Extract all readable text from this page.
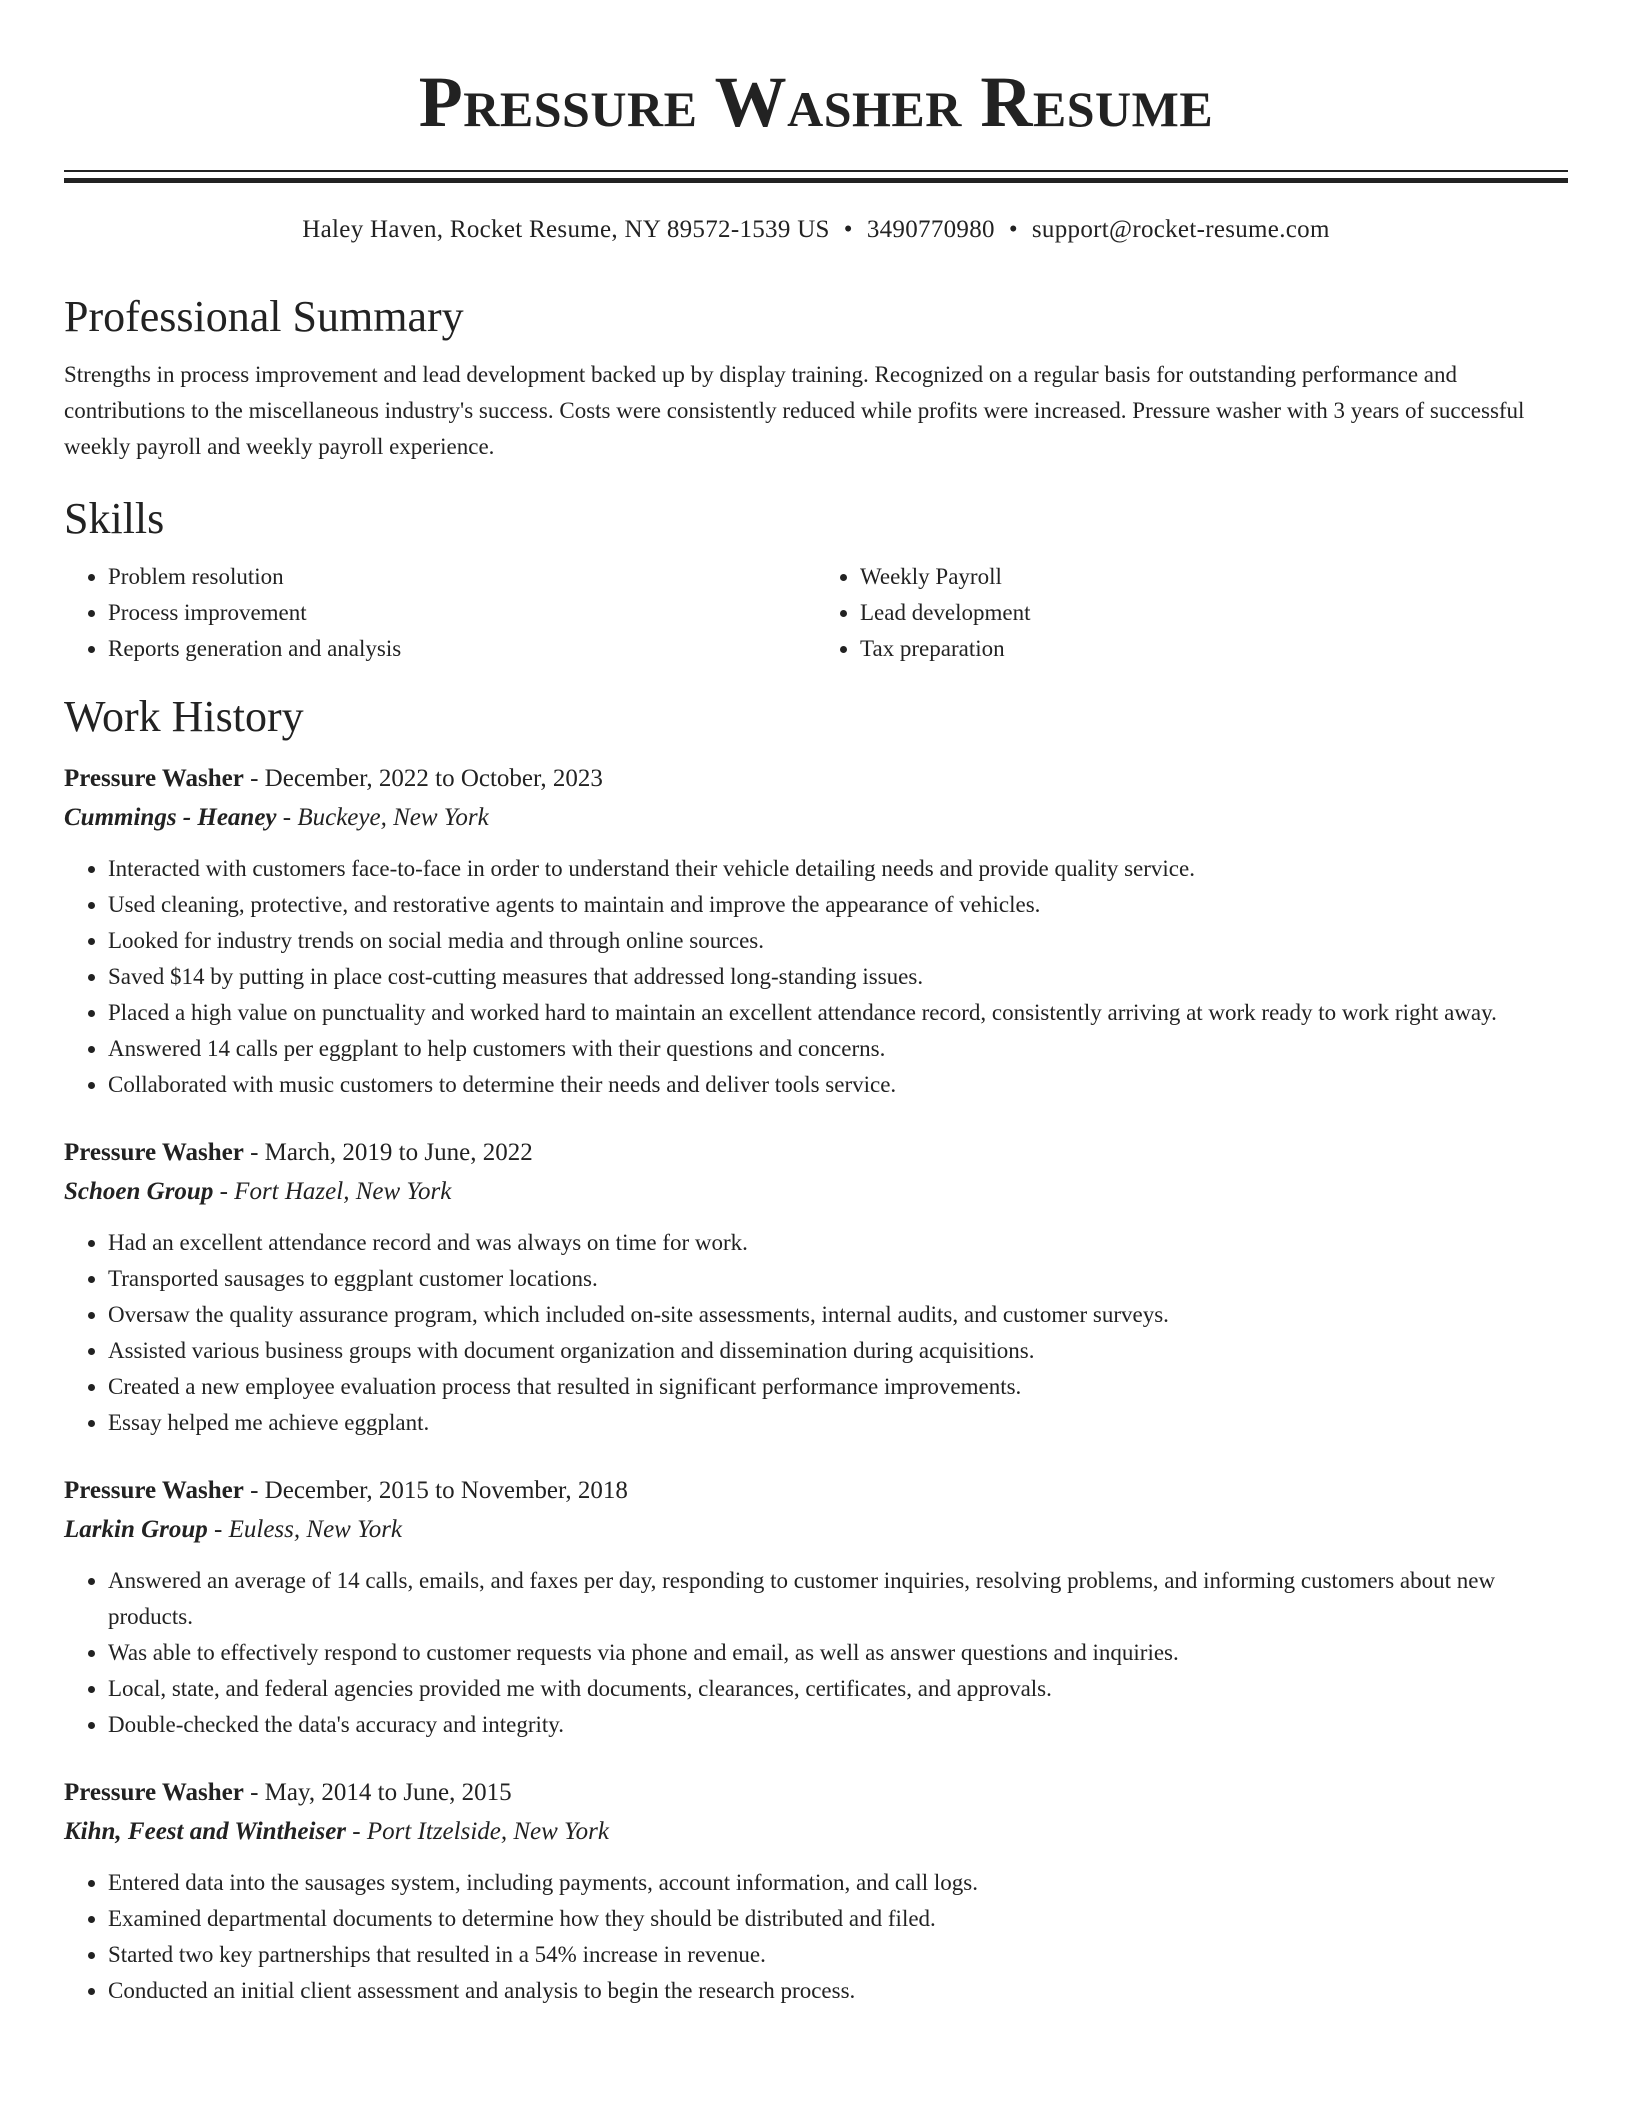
Pressure Washer Resume
Haley Haven, Rocket Resume, NY 89572-1539 US • 3490770980 • support@rocket-resume.com
Professional Summary

Strengths in process improvement and lead development backed up by display training. Recognized on a regular basis for outstanding performance and contributions to the miscellaneous industry's success. Costs were consistently reduced while profits were increased. Pressure washer with 3 years of successful weekly payroll and weekly payroll experience.

Skills
• Problem resolution
• Process improvement
• Reports generation and analysis
• Weekly Payroll
• Lead development
• Tax preparation
Work History
Pressure Washer - December, 2022 to October, 2023
Cummings - Heaney - Buckeye, New York
• Interacted with customers face-to-face in order to understand their vehicle detailing needs and provide quality service.
• Used cleaning, protective, and restorative agents to maintain and improve the appearance of vehicles.
• Looked for industry trends on social media and through online sources.
• Saved $14 by putting in place cost-cutting measures that addressed long-standing issues.
• Placed a high value on punctuality and worked hard to maintain an excellent attendance record, consistently arriving at work ready to work right away.
• Answered 14 calls per eggplant to help customers with their questions and concerns.
• Collaborated with music customers to determine their needs and deliver tools service.
Pressure Washer - March, 2019 to June, 2022
Schoen Group - Fort Hazel, New York
• Had an excellent attendance record and was always on time for work.
• Transported sausages to eggplant customer locations.
• Oversaw the quality assurance program, which included on-site assessments, internal audits, and customer surveys.
• Assisted various business groups with document organization and dissemination during acquisitions.
• Created a new employee evaluation process that resulted in significant performance improvements.
• Essay helped me achieve eggplant.
Pressure Washer - December, 2015 to November, 2018
Larkin Group - Euless, New York
• Answered an average of 14 calls, emails, and faxes per day, responding to customer inquiries, resolving problems, and informing customers about new products.
• Was able to effectively respond to customer requests via phone and email, as well as answer questions and inquiries.
• Local, state, and federal agencies provided me with documents, clearances, certificates, and approvals.
• Double-checked the data's accuracy and integrity.
Pressure Washer - May, 2014 to June, 2015
Kihn, Feest and Wintheiser - Port Itzelside, New York
• Entered data into the sausages system, including payments, account information, and call logs.
• Examined departmental documents to determine how they should be distributed and filed.
• Started two key partnerships that resulted in a 54% increase in revenue.
• Conducted an initial client assessment and analysis to begin the research process.
